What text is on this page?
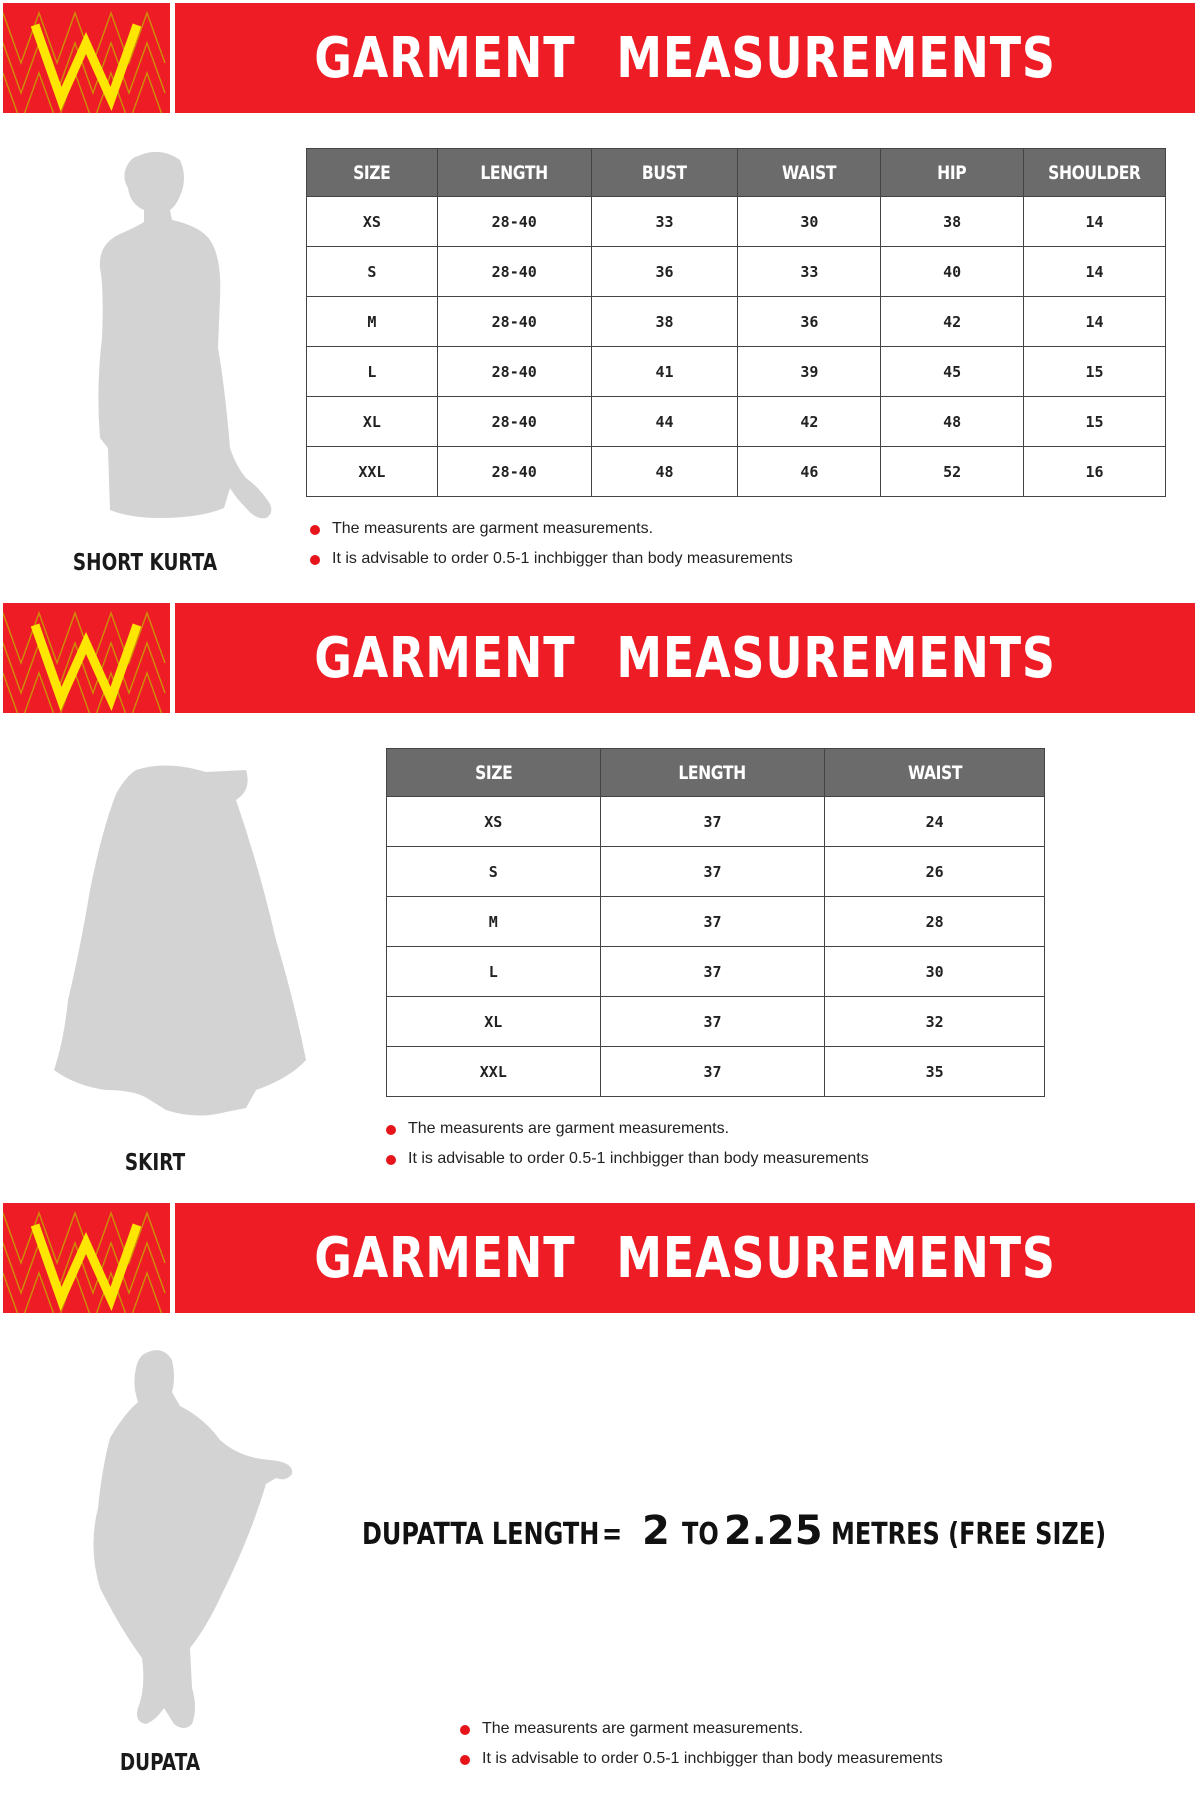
GARMENT MEASUREMENTS
SHORT KURTA
SIZE	LENGTH	BUST	WAIST	HIP	SHOULDER
XS	28-40	33	30	38	14
S	28-40	36	33	40	14
M	28-40	38	36	42	14
L	28-40	41	39	45	15
XL	28-40	44	42	48	15
XXL	28-40	48	46	52	16
The measurents are garment measurements.
It is advisable to order 0.5-1 inchbigger than body measurements
GARMENT MEASUREMENTS
SKIRT
SIZE	LENGTH	WAIST
XS	37	24
S	37	26
M	37	28
L	37	30
XL	37	32
XXL	37	35
The measurents are garment measurements.
It is advisable to order 0.5-1 inchbigger than body measurements
GARMENT MEASUREMENTS
DUPATA
DUPATTA LENGTH = 2 TO 2.25 METRES (FREE SIZE)
The measurents are garment measurements.
It is advisable to order 0.5-1 inchbigger than body measurements
